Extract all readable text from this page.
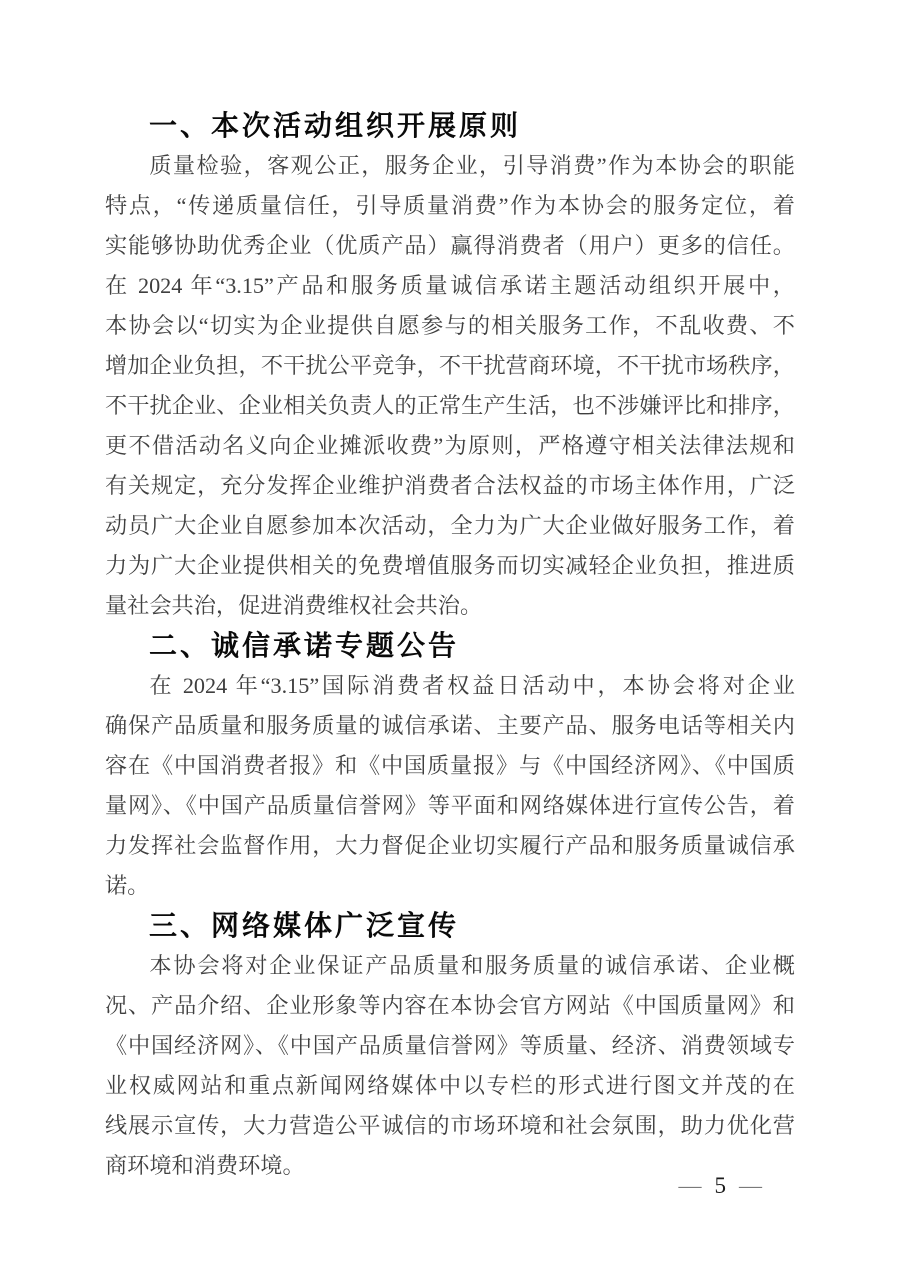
一、本次活动组织开展原则

质量检验，客观公正，服务企业，引导消费”作为本协会的职能
特点，“传递质量信任，引导质量消费”作为本协会的服务定位，着
实能够协助优秀企业（优质产品）赢得消费者（用户）更多的信任。
在 2024 年“3.15”产品和服务质量诚信承诺主题活动组织开展中，
本协会以“切实为企业提供自愿参与的相关服务工作，不乱收费、不
增加企业负担，不干扰公平竞争，不干扰营商环境，不干扰市场秩序，
不干扰企业、企业相关负责人的正常生产生活，也不涉嫌评比和排序，
更不借活动名义向企业摊派收费”为原则，严格遵守相关法律法规和
有关规定，充分发挥企业维护消费者合法权益的市场主体作用，广泛
动员广大企业自愿参加本次活动，全力为广大企业做好服务工作，着
力为广大企业提供相关的免费增值服务而切实减轻企业负担，推进质
量社会共治，促进消费维权社会共治。

二、诚信承诺专题公告

在 2024 年“3.15”国际消费者权益日活动中，本协会将对企业
确保产品质量和服务质量的诚信承诺、主要产品、服务电话等相关内
容在《中国消费者报》和《中国质量报》与《中国经济网》、《中国质
量网》、《中国产品质量信誉网》等平面和网络媒体进行宣传公告，着
力发挥社会监督作用，大力督促企业切实履行产品和服务质量诚信承
诺。

三、网络媒体广泛宣传

本协会将对企业保证产品质量和服务质量的诚信承诺、企业概
况、产品介绍、企业形象等内容在本协会官方网站《中国质量网》和
《中国经济网》、《中国产品质量信誉网》等质量、经济、消费领域专
业权威网站和重点新闻网络媒体中以专栏的形式进行图文并茂的在
线展示宣传，大力营造公平诚信的市场环境和社会氛围，助力优化营
商环境和消费环境。

— 5 —
